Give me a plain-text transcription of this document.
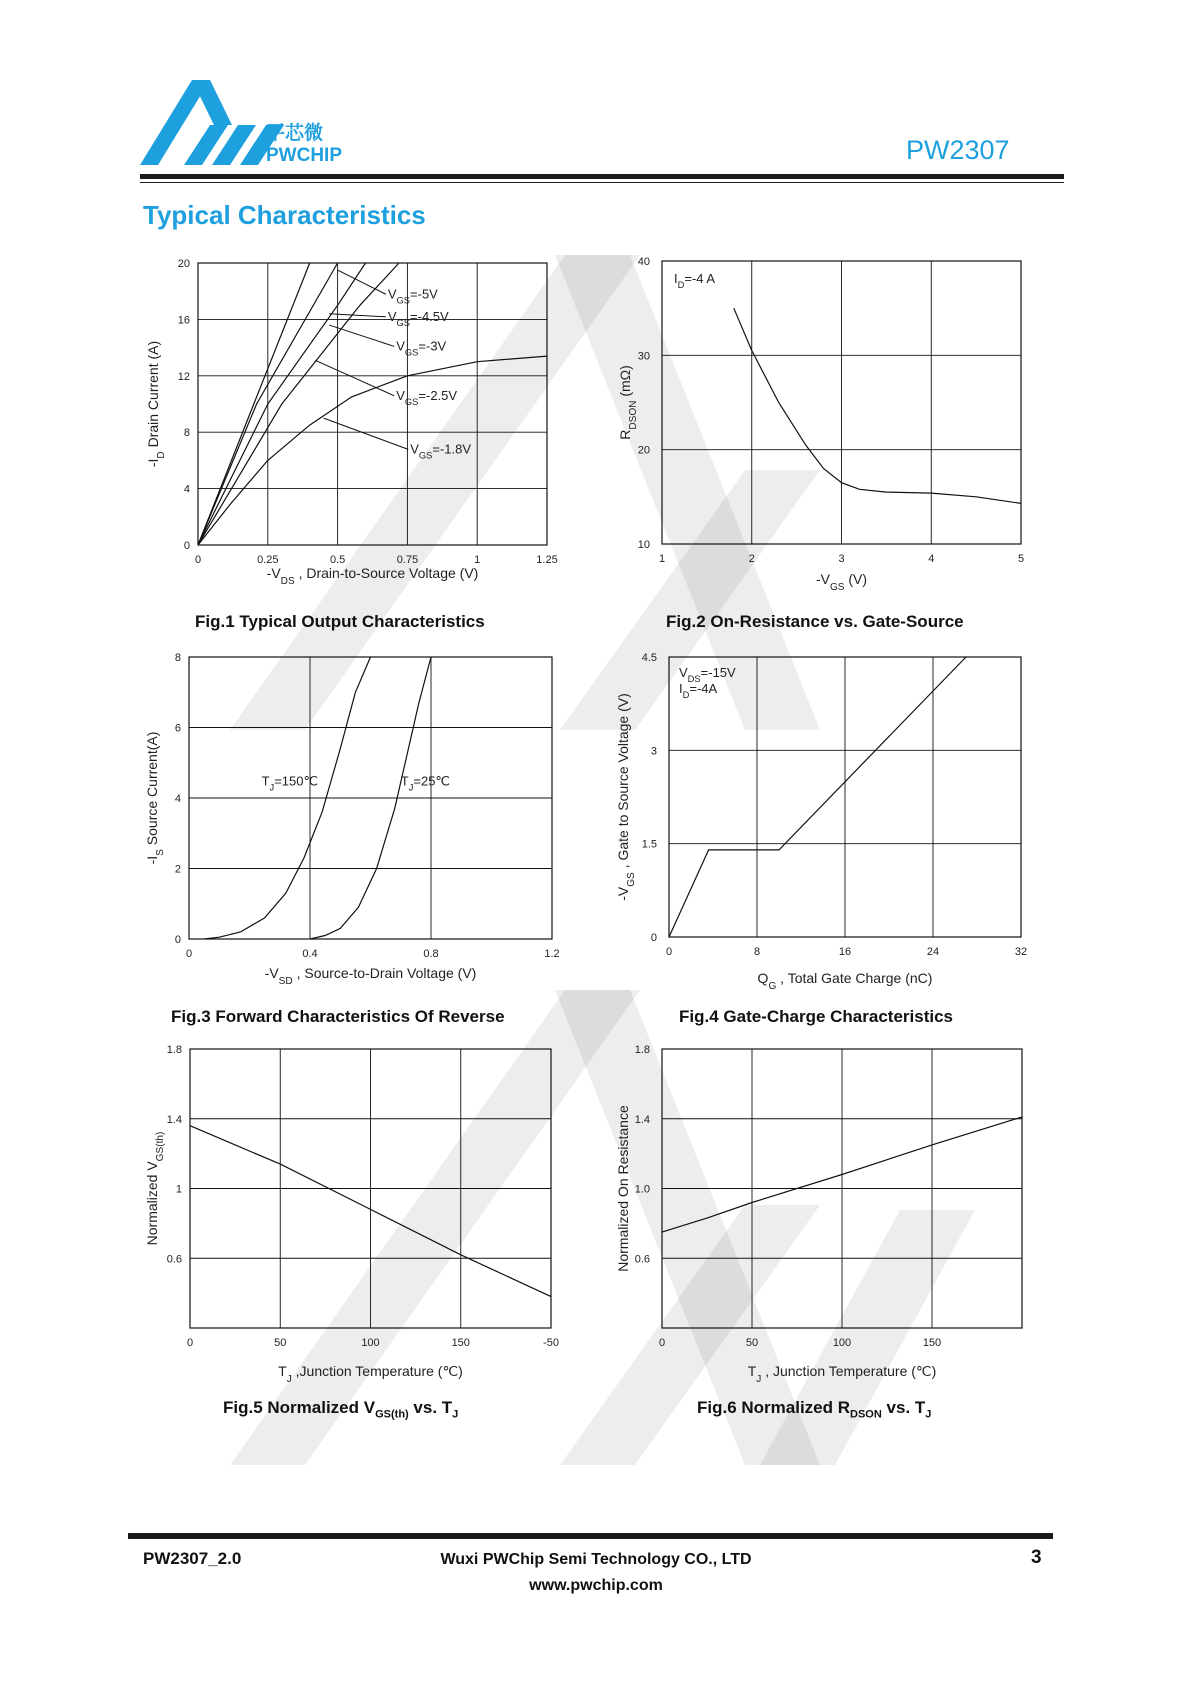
平芯微
PWCHIP	PW2307
Typical Characteristics
0	0.25	0.5	0.75	1	1.25
0
4
8
12
16
20
$-V_{DS}$ , Drain-to-Source Voltage (V)
$-I_D$ Drain Current (A)
$V_{GS}=-5V$
$V_{GS}=-4.5V$
$V_{GS}=-3V$
$V_{GS}=-2.5V$
$V_{GS}=-1.8V$
1	2	3	4	5
10
20
30
40
$-V_{GS}$ (V)
$R_{DSON}$ (mΩ)
$I_D=-4$ A
0	0.4	0.8	1.2
0
2
4
6
8
$-V_{SD}$ , Source-to-Drain Voltage (V)
$-I_S$ Source Current(A)	$T_J=150℃$	$T_J=25℃$
0	8	16	24	32
0
1.5
3
4.5
$Q_G$ , Total Gate Charge (nC)
$-V_{GS}$ , Gate to Source Voltage (V)
$V_{DS}=-15V$
$I_D=-4A$
0	50	100	150	-50
0.6
1
1.4
1.8
$T_J$ ,Junction Temperature (℃)
Normalized $V_{GS(th)}$
0	50	100	150
0.6
1.0
1.4
1.8
$T_J$ , Junction Temperature (℃)
Normalized On Resistance
Fig.1 Typical Output Characteristics	Fig.2 On-Resistance vs. Gate-Source
Fig.3 Forward Characteristics Of Reverse	Fig.4 Gate-Charge Characteristics
Fig.5 Normalized $V_{GS(th)}$ vs. $T_J$	Fig.6 Normalized $R_{DSON}$ vs. $T_J$
PW2307_2.0	Wuxi PWChip Semi Technology CO., LTD
www.pwchip.com
3
